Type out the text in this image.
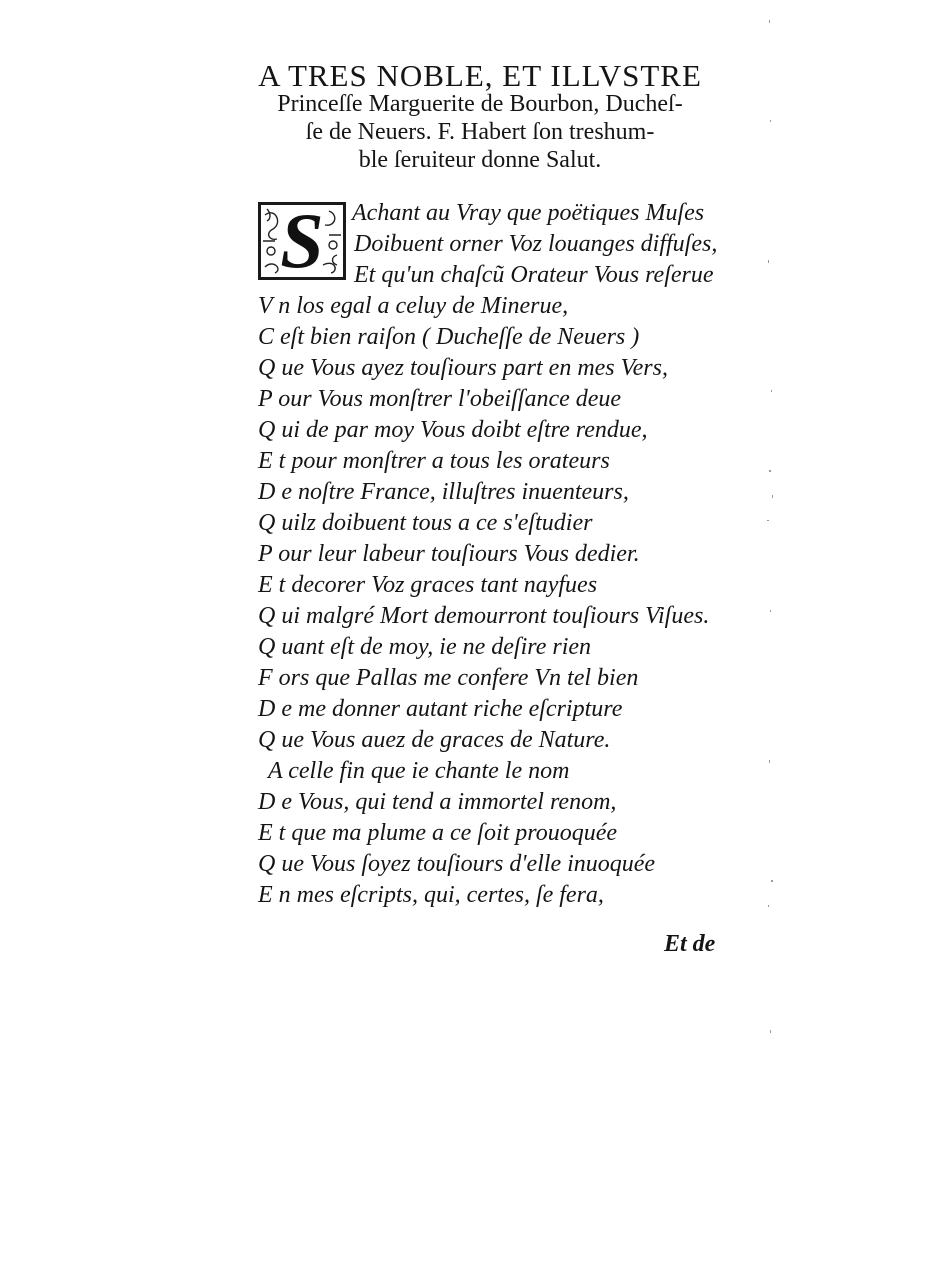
A TRES NOBLE, ET ILLVSTRE
Princeſſe Marguerite de Bourbon, Ducheſ-
ſe de Neuers. F. Habert ſon treshum-
ble ſeruiteur donne Salut.
S	Achant au Vray que poëtiques Muſes
Doibuent orner Voz louanges diffuſes,
Et qu'un chaſcũ Orateur Vous reſerue
V n los egal a celuy de Minerue,
C eſt bien raiſon ( Ducheſſe de Neuers )
Q ue Vous ayez touſiours part en mes Vers,
P our Vous monſtrer l'obeiſſance deue
Q ui de par moy Vous doibt eſtre rendue,
E t pour monſtrer a tous les orateurs
D e noſtre France, illuſtres inuenteurs,
Q uilz doibuent tous a ce s'eſtudier
P our leur labeur touſiours Vous dedier.
E t decorer Voz graces tant nayfues
Q ui malgré Mort demourront touſiours Viſues.
Q uant eſt de moy, ie ne deſire rien
F ors que Pallas me confere Vn tel bien
D e me donner autant riche eſcripture
Q ue Vous auez de graces de Nature.
A celle fin que ie chante le nom
D e Vous, qui tend a immortel renom,
E t que ma plume a ce ſoit prouoquée
Q ue Vous ſoyez touſiours d'elle inuoquée
E n mes eſcripts, qui, certes, ſe fera,
Et de
